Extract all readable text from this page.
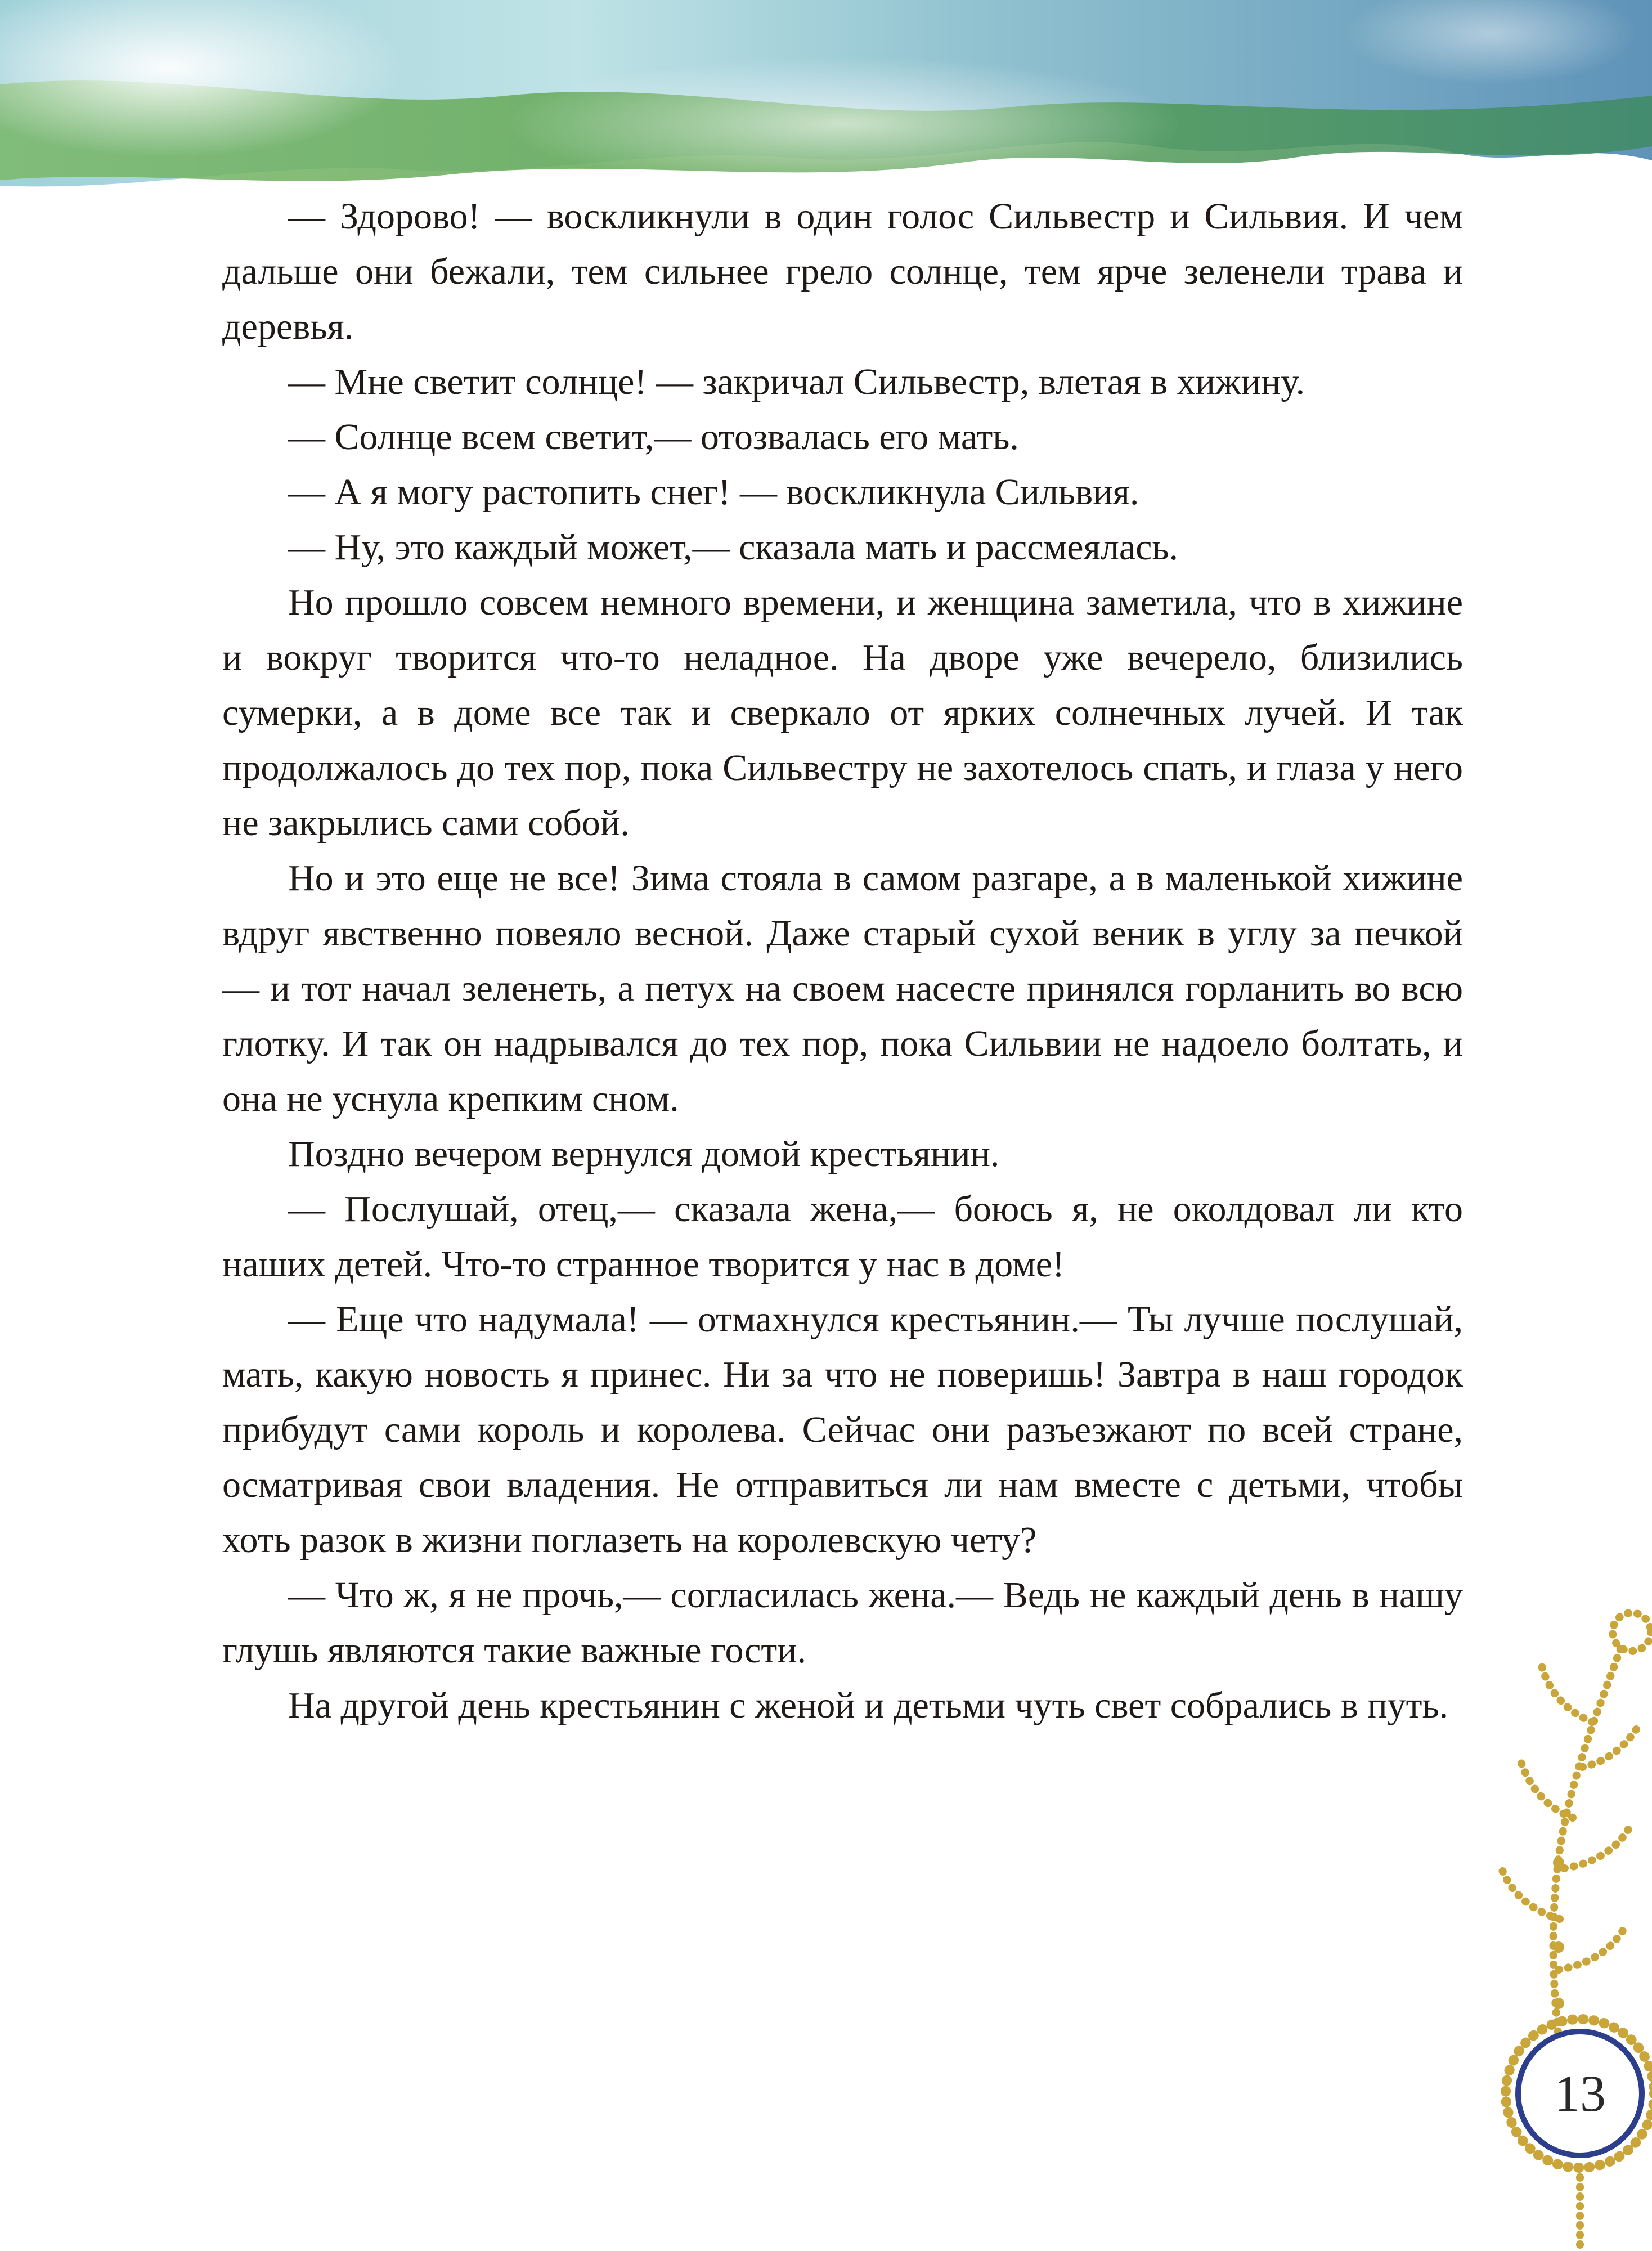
— Здорово! — воскликнули в один голос Сильвестр и Сильвия. И чем дальше они бежали, тем сильнее грело солнце, тем ярче зеленели трава и деревья.

— Мне светит солнце! — закричал Сильвестр, влетая в хижину.

— Солнце всем светит,— отозвалась его мать.

— А я могу растопить снег! — воскликнула Сильвия.

— Ну, это каждый может,— сказала мать и рассмеялась.

Но прошло совсем немного времени, и женщина заметила, что в хижине и вокруг творится что-то неладное. На дворе уже вечерело, близились сумерки, а в доме все так и сверкало от ярких солнечных лучей. И так продолжалось до тех пор, пока Сильвестру не захотелось спать, и глаза у него не закрылись сами собой.

Но и это еще не все! Зима стояла в самом разгаре, а в маленькой хижине вдруг явственно повеяло весной. Даже старый сухой веник в углу за печкой — и тот начал зеленеть, а петух на своем насесте принялся горланить во всю глотку. И так он надрывался до тех пор, пока Сильвии не надоело болтать, и она не уснула крепким сном.

Поздно вечером вернулся домой крестьянин.

— Послушай, отец,— сказала жена,— боюсь я, не околдовал ли кто наших детей. Что-то странное творится у нас в доме!

— Еще что надумала! — отмахнулся крестьянин.— Ты лучше послушай, мать, какую новость я принес. Ни за что не поверишь! Завтра в наш городок прибудут сами король и королева. Сейчас они разъезжают по всей стране, осматривая свои владения. Не отправиться ли нам вместе с детьми, чтобы хоть разок в жизни поглазеть на королевскую чету?

— Что ж, я не прочь,— согласилась жена.— Ведь не каждый день в нашу глушь являются такие важные гости.

На другой день крестьянин с женой и детьми чуть свет собрались в путь.

13
